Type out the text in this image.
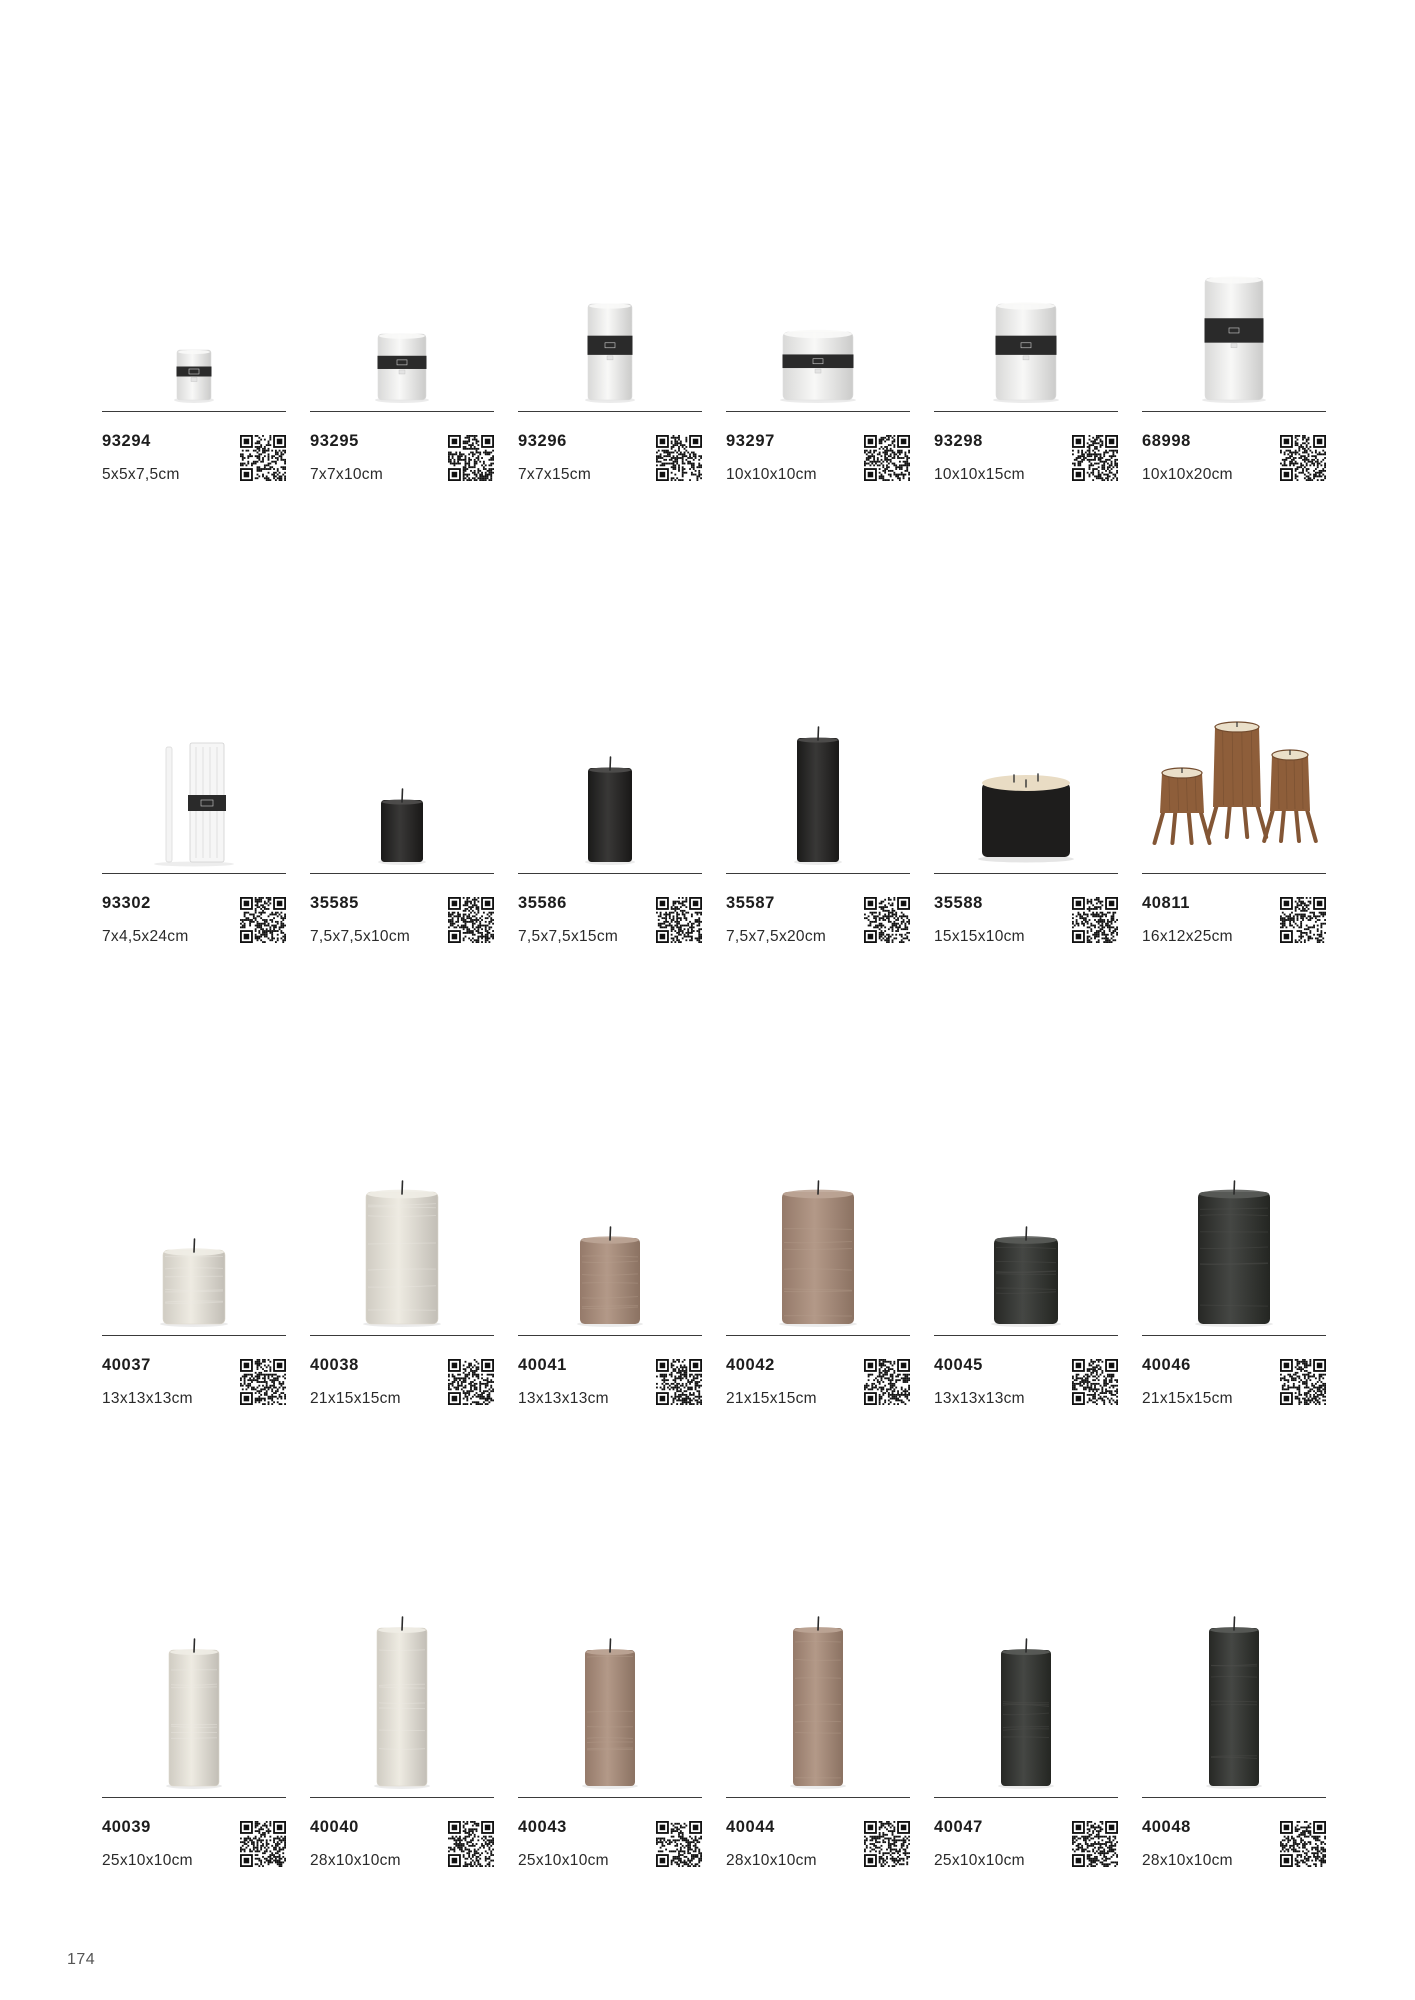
93294
5x5x7,5cm
93295
7x7x10cm
93296
7x7x15cm
93297
10x10x10cm
93298
10x10x15cm
68998
10x10x20cm
93302
7x4,5x24cm
35585
7,5x7,5x10cm
35586
7,5x7,5x15cm
35587
7,5x7,5x20cm
35588
15x15x10cm
40811
16x12x25cm
40037
13x13x13cm
40038
21x15x15cm
40041
13x13x13cm
40042
21x15x15cm
40045
13x13x13cm
40046
21x15x15cm
40039
25x10x10cm
40040
28x10x10cm
40043
25x10x10cm
40044
28x10x10cm
40047
25x10x10cm
40048
28x10x10cm
174
